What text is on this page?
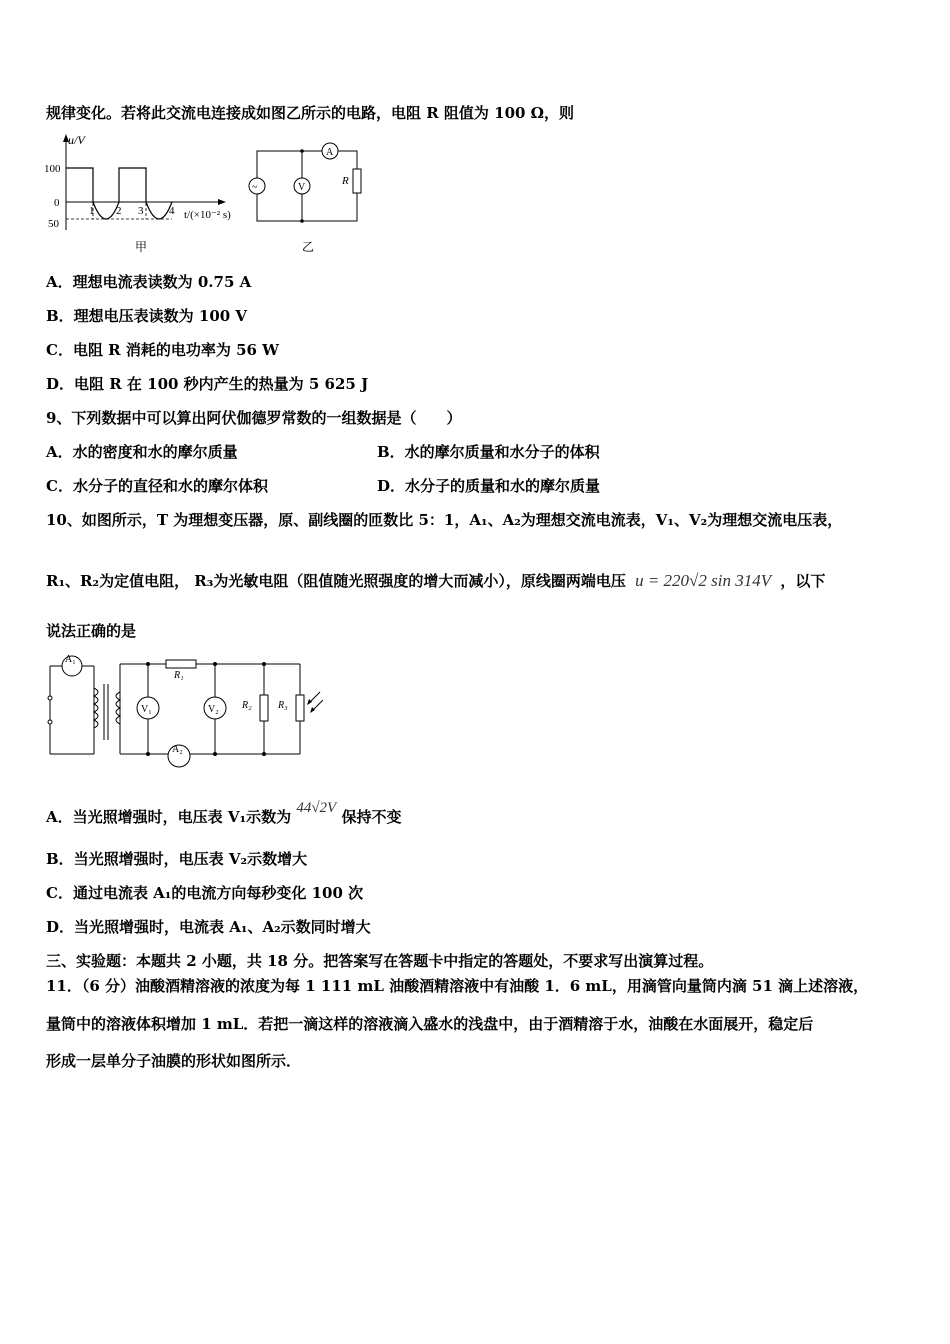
规律变化。若将此交流电连接成如图乙所示的电路，电阻 R 阻值为 100 Ω，则
u/V
100
0
50
1 2 3 4 t/(×10⁻² s)
甲
~	V
A
R
乙
A．理想电流表读数为 0.75 A
B．理想电压表读数为 100 V
C．电阻 R 消耗的电功率为 56 W
D．电阻 R 在 100 秒内产生的热量为 5 625 J
9、下列数据中可以算出阿伏伽德罗常数的一组数据是（　　）
A．水的密度和水的摩尔质量	B．水的摩尔质量和水分子的体积
C．水分子的直径和水的摩尔体积	D．水分子的质量和水的摩尔质量
10、如图所示，T 为理想变压器，原、副线圈的匝数比 5：1，A₁、A₂为理想交流电流表，V₁、V₂为理想交流电压表，
R₁、R₂为定值电阻， R₃为光敏电阻（阻值随光照强度的增大而减小），原线圈两端电压 u = 220√2 sin 314V ，以下
说法正确的是
A₁
A₂
R₁
V₁	V₂ R₂	R₃
A．当光照增强时，电压表 V₁示数为 44√2V 保持不变
B．当光照增强时，电压表 V₂示数增大
C．通过电流表 A₁的电流方向每秒变化 100 次
D．当光照增强时，电流表 A₁、A₂示数同时增大
三、实验题：本题共 2 小题，共 18 分。把答案写在答题卡中指定的答题处，不要求写出演算过程。
11．（6 分）油酸酒精溶液的浓度为每 1 111 mL 油酸酒精溶液中有油酸 1．6 mL，用滴管向量筒内滴 51 滴上述溶液，
量筒中的溶液体积增加 1 mL．若把一滴这样的溶液滴入盛水的浅盘中，由于酒精溶于水，油酸在水面展开，稳定后
形成一层单分子油膜的形状如图所示．
